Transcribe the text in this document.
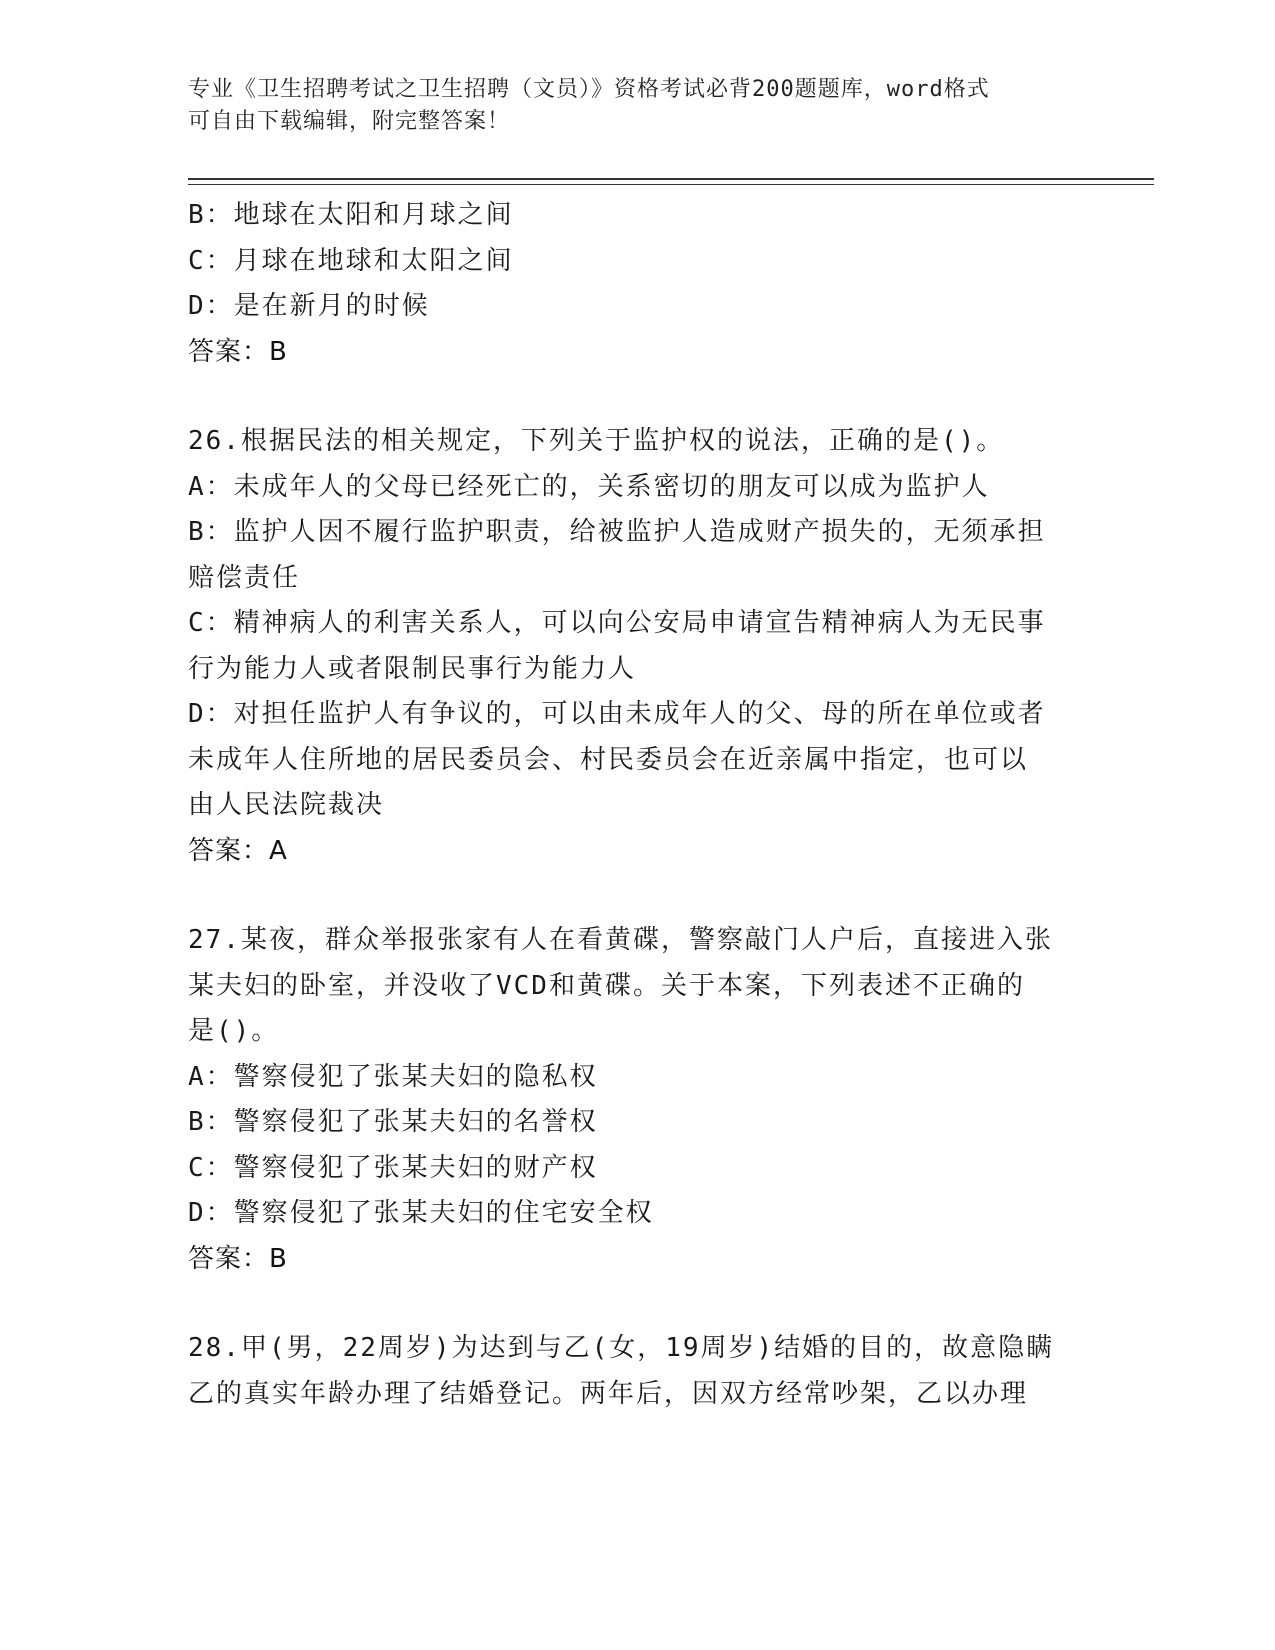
专业《卫生招聘考试之卫生招聘（文员）》资格考试必背200题题库，word格式
可自由下载编辑，附完整答案！
B：地球在太阳和月球之间
C：月球在地球和太阳之间
D：是在新月的时候
答案：B
26.根据民法的相关规定，下列关于监护权的说法，正确的是()。
A：未成年人的父母已经死亡的，关系密切的朋友可以成为监护人
B：监护人因不履行监护职责，给被监护人造成财产损失的，无须承担
赔偿责任
C：精神病人的利害关系人，可以向公安局申请宣告精神病人为无民事
行为能力人或者限制民事行为能力人
D：对担任监护人有争议的，可以由未成年人的父、母的所在单位或者
未成年人住所地的居民委员会、村民委员会在近亲属中指定，也可以
由人民法院裁决
答案：A
27.某夜，群众举报张家有人在看黄碟，警察敲门人户后，直接进入张
某夫妇的卧室，并没收了VCD和黄碟。关于本案，下列表述不正确的
是()。
A：警察侵犯了张某夫妇的隐私权
B：警察侵犯了张某夫妇的名誉权
C：警察侵犯了张某夫妇的财产权
D：警察侵犯了张某夫妇的住宅安全权
答案：B
28.甲(男，22周岁)为达到与乙(女，19周岁)结婚的目的，故意隐瞒
乙的真实年龄办理了结婚登记。两年后，因双方经常吵架，乙以办理
